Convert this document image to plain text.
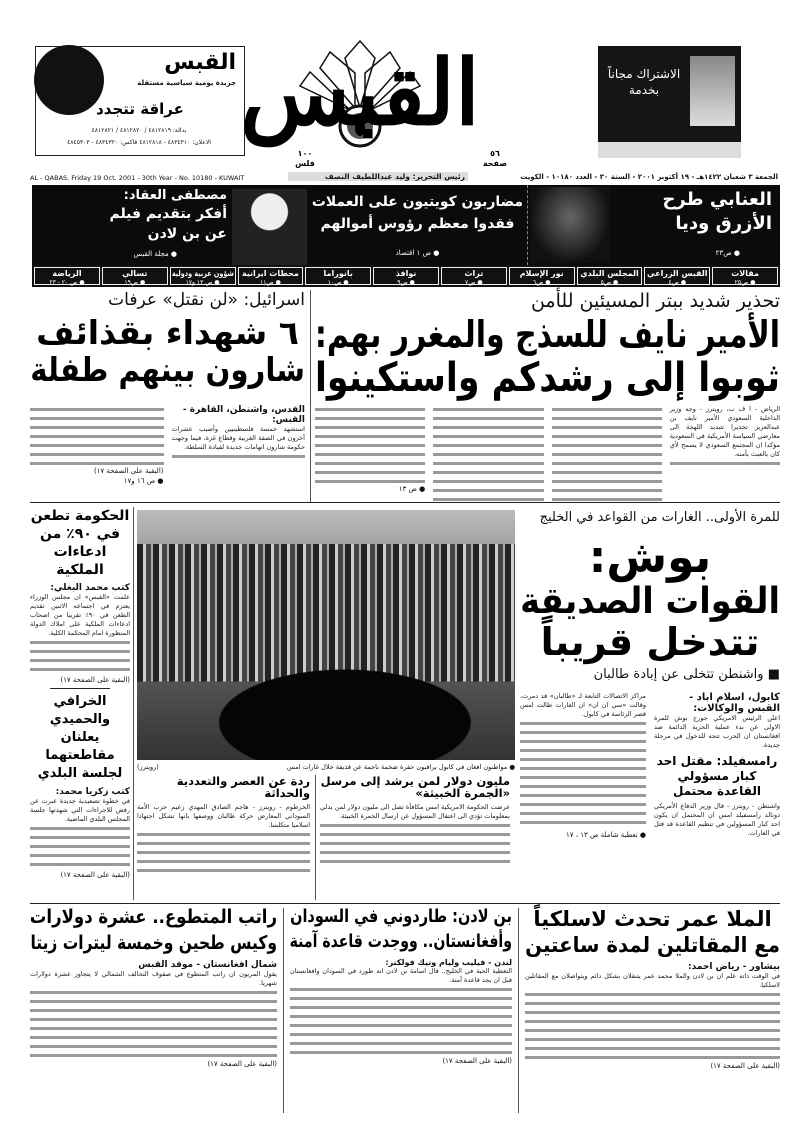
القبس
جريدة يومية سياسية مستقلة
عراقة تتجدد
بدالة: ٤٨١٢٨١٩ / ٤٨١٢٨٢٠ / ٤٨١٢٨٢١
الاعلان: ٤٨٣٤٣١٠ - ٤٨١٢٨١٨ فاكس: ٤٨٣٤٣٢٠ - ٤٨٤٥٣٠٣ القبس	الاشتراك مجاناً بخدمة
١٠٠
فلس
٥٦
صفحة
AL - QABAS, Friday 19 Oct. 2001 - 30th Year - No. 10180 - KUWAIT	رئيس التحرير: وليد عبداللطيف النصف	الجمعة ٣ شعبان ١٤٢٢هـ - ١٩ أكتوبر ٢٠٠١ - السنة ٣٠ - العدد ١٠١٨٠ - الكويت
العنابي طرح
الأزرق وديا
● ص٢٣
مضاربون كويتيون على العملات
فقدوا معظم رؤوس أموالهم
● ص ١ اقتصاد
مصطفى العقاد:
أفكر بتقديم فيلم
عن بن لادن
● مجلة القبس
مقالات
● ص٢٥
القبس الزراعي
● ص٤
المجلس البلدي
● ص٥
نور الإسلام
● ص٦
تراث
● ص٧
نوافذ
● ص٩
بانوراما
● ص١٠
محطات ايرانية
● ص١١
شؤون عربية ودولية
● ص ١٣ و١٧
تسالي
● ص١٩
الرياضة
● ص ٢٠ - ٢٣
تحذير شديد ببتر المسيئين للأمن
الأمير نايف للسذج والمغرر بهم:
ثوبوا إلى رشدكم واستكينوا
الرياض - ا ف ب، رويترز - وجه وزير الداخلية السعودي الأمير نايف بن عبدالعزيز تحذيرا شديد اللهجة الى معارضي السياسة الأمريكية في السعودية مؤكدا ان المجتمع السعودي لا يسمح لأي كان بالعبث بأمنه.
● ص ١٣
اسرائيل: «لن نقتل» عرفات
٦ شهداء بقذائف
شارون بينهم طفلة
القدس، واشنطن، القاهرة - القبس:
استشهد خمسة فلسطينيين وأصيب عشرات آخرون في الضفة الغربية وقطاع غزة، فيما وجهت حكومة شارون اتهامات جديدة لقيادة السلطة.
(البقية على الصفحة ١٧)
● ص ١٦ و١٧
الحكومة تطعن في ٩٠٪ من ادعاءات الملكية
كتب محمد البغلي:
علمت «القبس» ان مجلس الوزراء يعتزم في اجتماعه الاثنين تقديم الطعن في ٩٠٪ تقريبا من اصحاب ادعاءات الملكية على املاك الدولة المنظورة امام المحكمة الكلية.
(البقية على الصفحة ١٧)
الخرافي والحميدي يعلنان مقاطعتهما لجلسة البلدي
كتب زكريا محمد:
في خطوة تصعيدية جديدة عبرت عن رفض للاجراءات التي شهدتها جلسة المجلس البلدي الماضية.
(البقية على الصفحة ١٧)
● مواطنون افغان في كابول يراقبون حفرة ضخمة ناجمة عن قذيفة خلال غارات امس
(رويترز)
للمرة الأولى.. الغارات من القواعد في الخليج
بوش:
القوات الصديقة
تتدخل قريباً
■ واشنطن تتخلى عن إبادة طالبان
كابول، اسلام اباد - القبس والوكالات:
اعلن الرئيس الامريكي جورج بوش للمرة الاولى عن بدء عملية الحرية الدائمة ضد افغانستان ان الحرب تتجه للدخول في مرحلة جديدة.
رامسفيلد: مقتل احد كبار مسؤولي القاعدة محتمل
واشنطن - رويترز - قال وزير الدفاع الأمريكي دونالد رامسفيلد امس ان المحتمل ان يكون احد كبار المسؤولين في تنظيم القاعدة قد قتل في الغارات.
مراكز الاتصالات التابعة لـ «طالبان» قد دمرت، وقالت «سي ان ان» ان الغارات طالت امس قصر الرئاسة في كابول.
● تغطية شاملة ص ١٣ ، ١٧
مليون دولار لمن يرشد إلى مرسل «الجمرة الخبيثة»
عرضت الحكومة الامريكية امس مكافأة تصل الى مليون دولار لمن يدلي بمعلومات تؤدي الى اعتقال المسؤول عن ارسال الجمرة الخبيثة.
ردة عن العصر والتعددية والحداثة
الخرطوم - رويترز - هاجم الصادق المهدي زعيم حزب الأمة السوداني المعارض حركة طالبان ووصفها بانها تشكل اجتهادا اسلاميا متكلسا.
الملا عمر تحدث لاسلكياً
مع المقاتلين لمدة ساعتين
بيشاور - رياض احمد:
في الوقت ذاته علم ان بن لادن والملا محمد عمر يتنقلان بشكل دائم ويتواصلان مع المقاتلين لاسلكيا.
(البقية على الصفحة ١٧)
بن لادن: طاردوني في السودان
وأفغانستان.. ووجدت قاعدة آمنة
لندن - فيليب وليام ونيك فولكنز:
التغطية الحية في الخليج.. قال اسامة بن لادن انه طورد في السودان وافغانستان قبل ان يجد قاعدة آمنة.
(البقية على الصفحة ١٧)
راتب المتطوع.. عشرة دولارات
وكيس طحين وخمسة ليترات زيتا
شمال افغانستان - موفد القبس
يقول المريون ان راتب المتطوع في صفوف التحالف الشمالي لا يتجاوز عشرة دولارات شهريا.
(البقية على الصفحة ١٧)
